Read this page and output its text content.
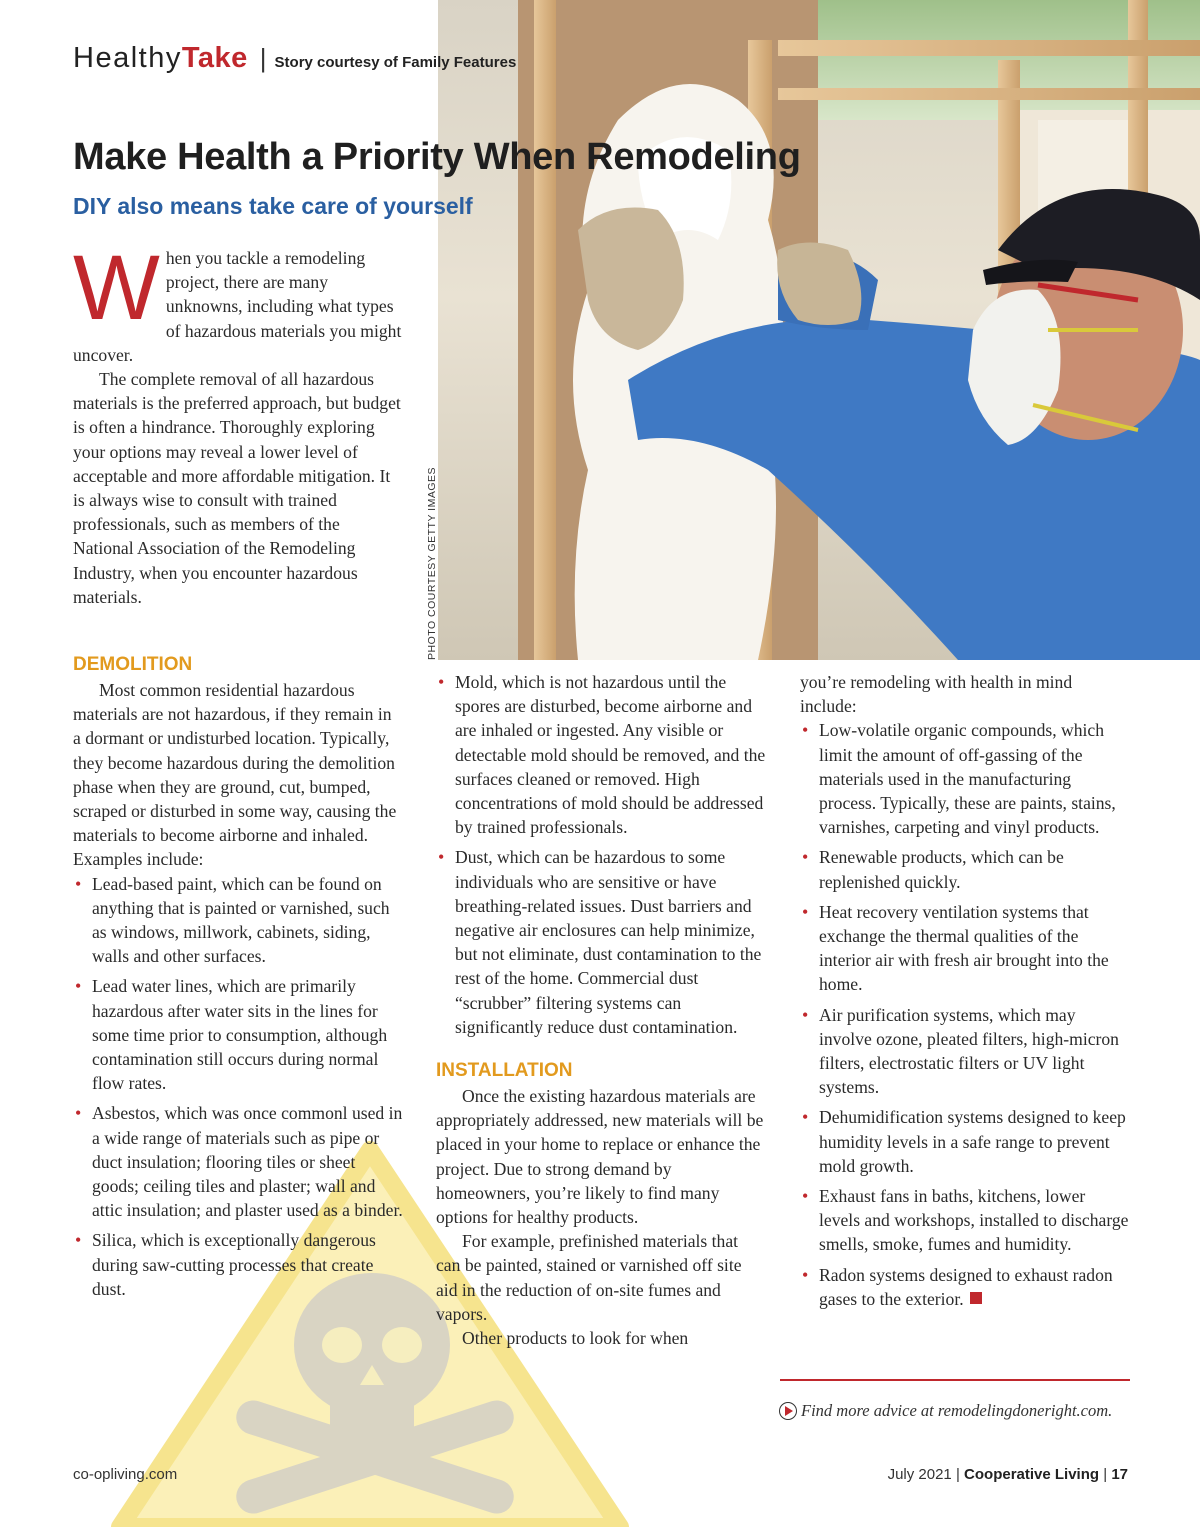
PHOTO COURTESY GETTY IMAGES
HealthyTake | Story courtesy of Family Features
Make Health a Priority When Remodeling
DIY also means take care of yourself

When you tackle a remodeling project, there are many unknowns, including what types of hazardous materials you might uncover.

The complete removal of all hazardous materials is the preferred approach, but budget is often a hindrance. Thoroughly exploring your options may reveal a lower level of acceptable and more affordable mitigation. It is always wise to consult with trained professionals, such as members of the National Association of the Remodeling Industry, when you encounter hazardous materials.

DEMOLITION

Most common residential hazardous materials are not hazardous, if they remain in a dormant or undisturbed location. Typically, they become hazardous during the demolition phase when they are ground, cut, bumped, scraped or disturbed in some way, causing the materials to become airborne and inhaled. Examples include:

• Lead-based paint, which can be found on anything that is painted or varnished, such as windows, millwork, cabinets, siding, walls and other surfaces.
• Lead water lines, which are primarily hazardous after water sits in the lines for some time prior to consumption, although contamination still occurs during normal flow rates.
• Asbestos, which was once commonl used in a wide range of materials such as pipe or duct insulation; flooring tiles or sheet goods; ceiling tiles and plaster; wall and attic insulation; and plaster used as a binder.
• Silica, which is exceptionally dangerous during saw-cutting processes that create dust.
• Mold, which is not hazardous until the spores are disturbed, become airborne and are inhaled or ingested. Any visible or detectable mold should be removed, and the surfaces cleaned or removed. High concentrations of mold should be addressed by trained professionals.
• Dust, which can be hazardous to some individuals who are sensitive or have breathing-related issues. Dust barriers and negative air enclosures can help minimize, but not eliminate, dust contamination to the rest of the home. Commercial dust “scrubber” filtering systems can significantly reduce dust contamination.
INSTALLATION

Once the existing hazardous materials are appropriately addressed, new materials will be placed in your home to replace or enhance the project. Due to strong demand by homeowners, you’re likely to find many options for healthy products.

For example, prefinished materials that can be painted, stained or varnished off site aid in the reduction of on-site fumes and vapors.

Other products to look for when

you’re remodeling with health in mind include:

• Low-volatile organic compounds, which limit the amount of off-gassing of the materials used in the manufacturing process. Typically, these are paints, stains, varnishes, carpeting and vinyl products.
• Renewable products, which can be replenished quickly.
• Heat recovery ventilation systems that exchange the thermal qualities of the interior air with fresh air brought into the home.
• Air purification systems, which may involve ozone, pleated filters, high-micron filters, electrostatic filters or UV light systems.
• Dehumidification systems designed to keep humidity levels in a safe range to prevent mold growth.
• Exhaust fans in baths, kitchens, lower levels and workshops, installed to discharge smells, smoke, fumes and humidity.
• Radon systems designed to exhaust radon gases to the exterior.
Find more advice at remodelingdoneright.com.
co-opliving.com	July 2021 | Cooperative Living | 17
